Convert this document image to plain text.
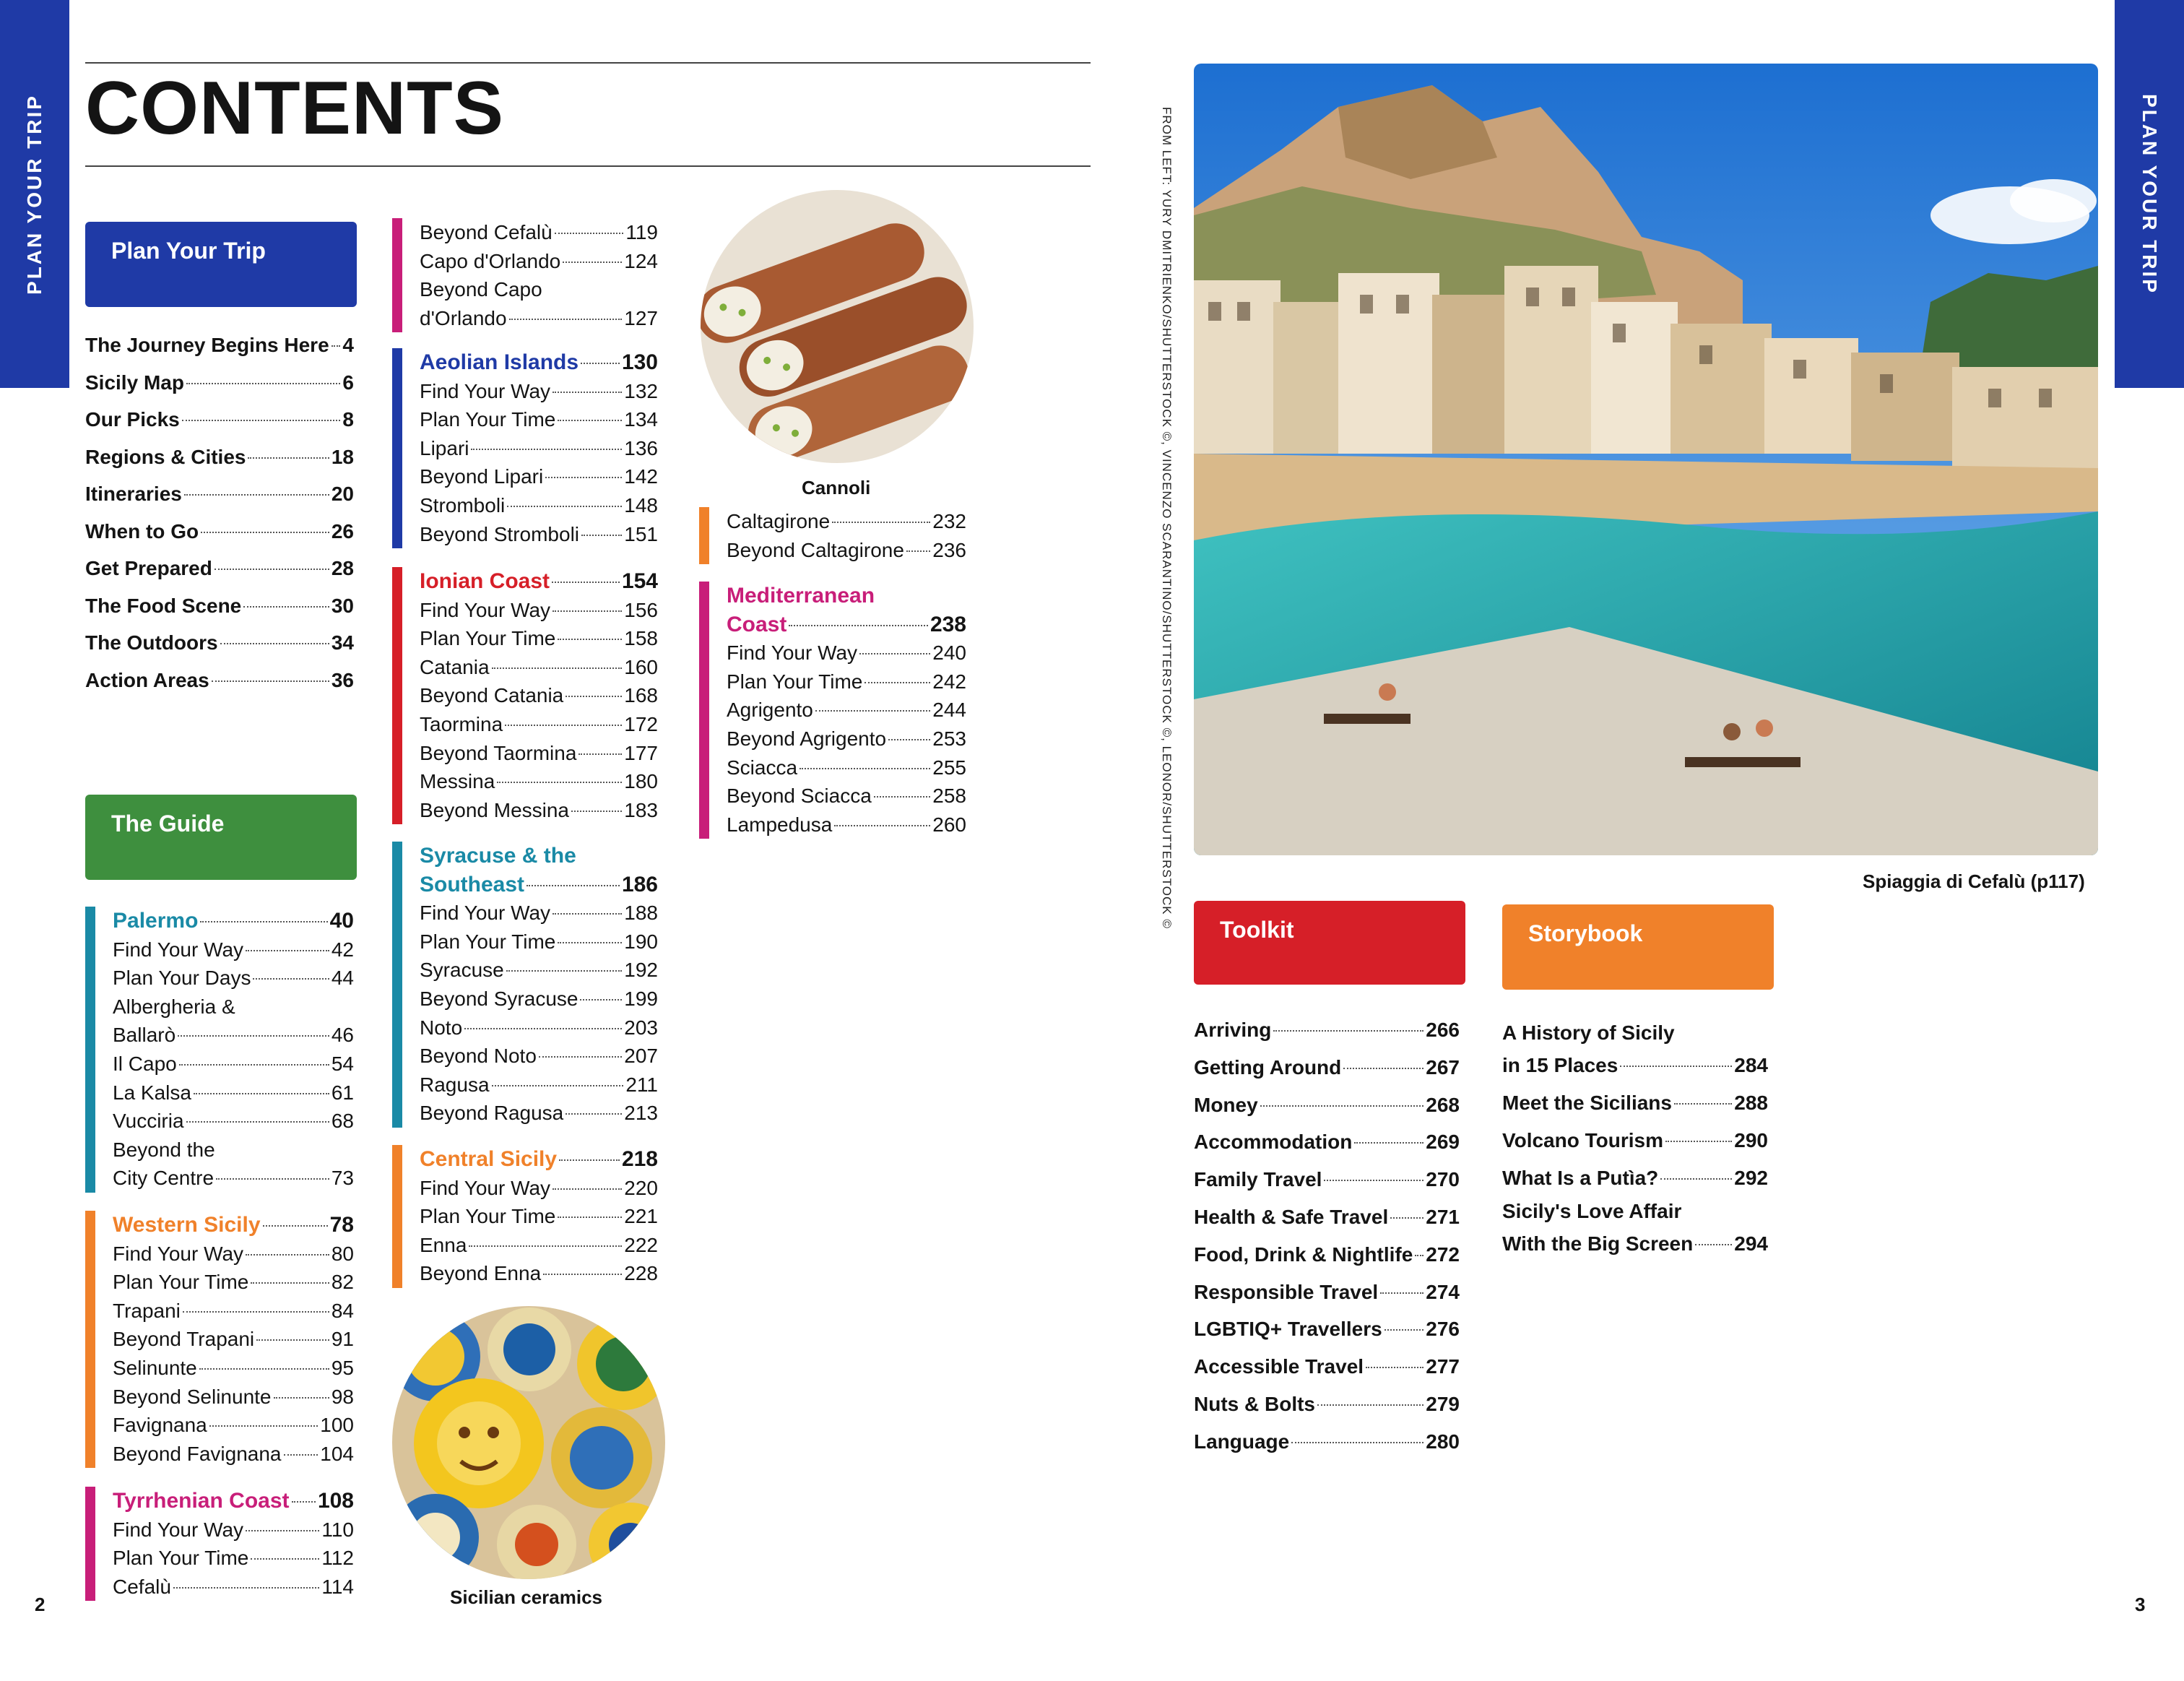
PLAN YOUR TRIP	PLAN YOUR TRIP
CONTENTS
Plan Your Trip
The Journey Begins Here 4
Sicily Map	6
Our Picks	8
Regions & Cities	18
Itineraries	20
When to Go	26
Get Prepared	28
The Food Scene	30
The Outdoors	34
Action Areas	36
The Guide
Palermo	40
Find Your Way	42
Plan Your Days	44
Albergheria &
Ballarò	46
Il Capo	54
La Kalsa	61
Vucciria	68
Beyond the
City Centre	73
Western Sicily	78
Find Your Way	80
Plan Your Time	82
Trapani	84
Beyond Trapani	91
Selinunte	95
Beyond Selinunte	98
Favignana	100
Beyond Favignana 104
Tyrrhenian Coast 108
Find Your Way	110
Plan Your Time	112
Cefalù	114
Beyond Cefalù	119
Capo d'Orlando	124
Beyond Capo
d'Orlando	127
Aeolian Islands 130
Find Your Way	132
Plan Your Time	134
Lipari	136
Beyond Lipari	142
Stromboli	148
Beyond Stromboli 151
Ionian Coast	154
Find Your Way	156
Plan Your Time	158
Catania	160
Beyond Catania	168
Taormina	172
Beyond Taormina 177
Messina	180
Beyond Messina	183
Syracuse & the
Southeast	186
Find Your Way	188
Plan Your Time	190
Syracuse	192
Beyond Syracuse 199
Noto	203
Beyond Noto	207
Ragusa	211
Beyond Ragusa	213
Central Sicily	218
Find Your Way	220
Plan Your Time	221
Enna	222
Beyond Enna	228
Sicilian ceramics
Cannoli
Caltagirone	232
Beyond Caltagirone 236
Mediterranean
Coast	238
Find Your Way	240
Plan Your Time	242
Agrigento	244
Beyond Agrigento 253
Sciacca	255
Beyond Sciacca	258
Lampedusa	260	FROM LEFT: YURY DMITRIENKO/SHUTTERSTOCK ©, VINCENZO SCARANTINO/SHUTTERSTOCK ©, LEONOR/SHUTTERSTOCK ©	Spiaggia di Cefalù (p117)
Toolkit
Arriving	266
Getting Around	267
Money	268
Accommodation	269
Family Travel	270
Health & Safe Travel 271
Food, Drink & Nightlife 272
Responsible Travel 274
LGBTIQ+ Travellers 276
Accessible Travel	277
Nuts & Bolts	279
Language	280
Storybook
A History of Sicily
in 15 Places	284
Meet the Sicilians	288
Volcano Tourism	290
What Is a Putìa?	292
Sicily's Love Affair
With the Big Screen 294
2	3
